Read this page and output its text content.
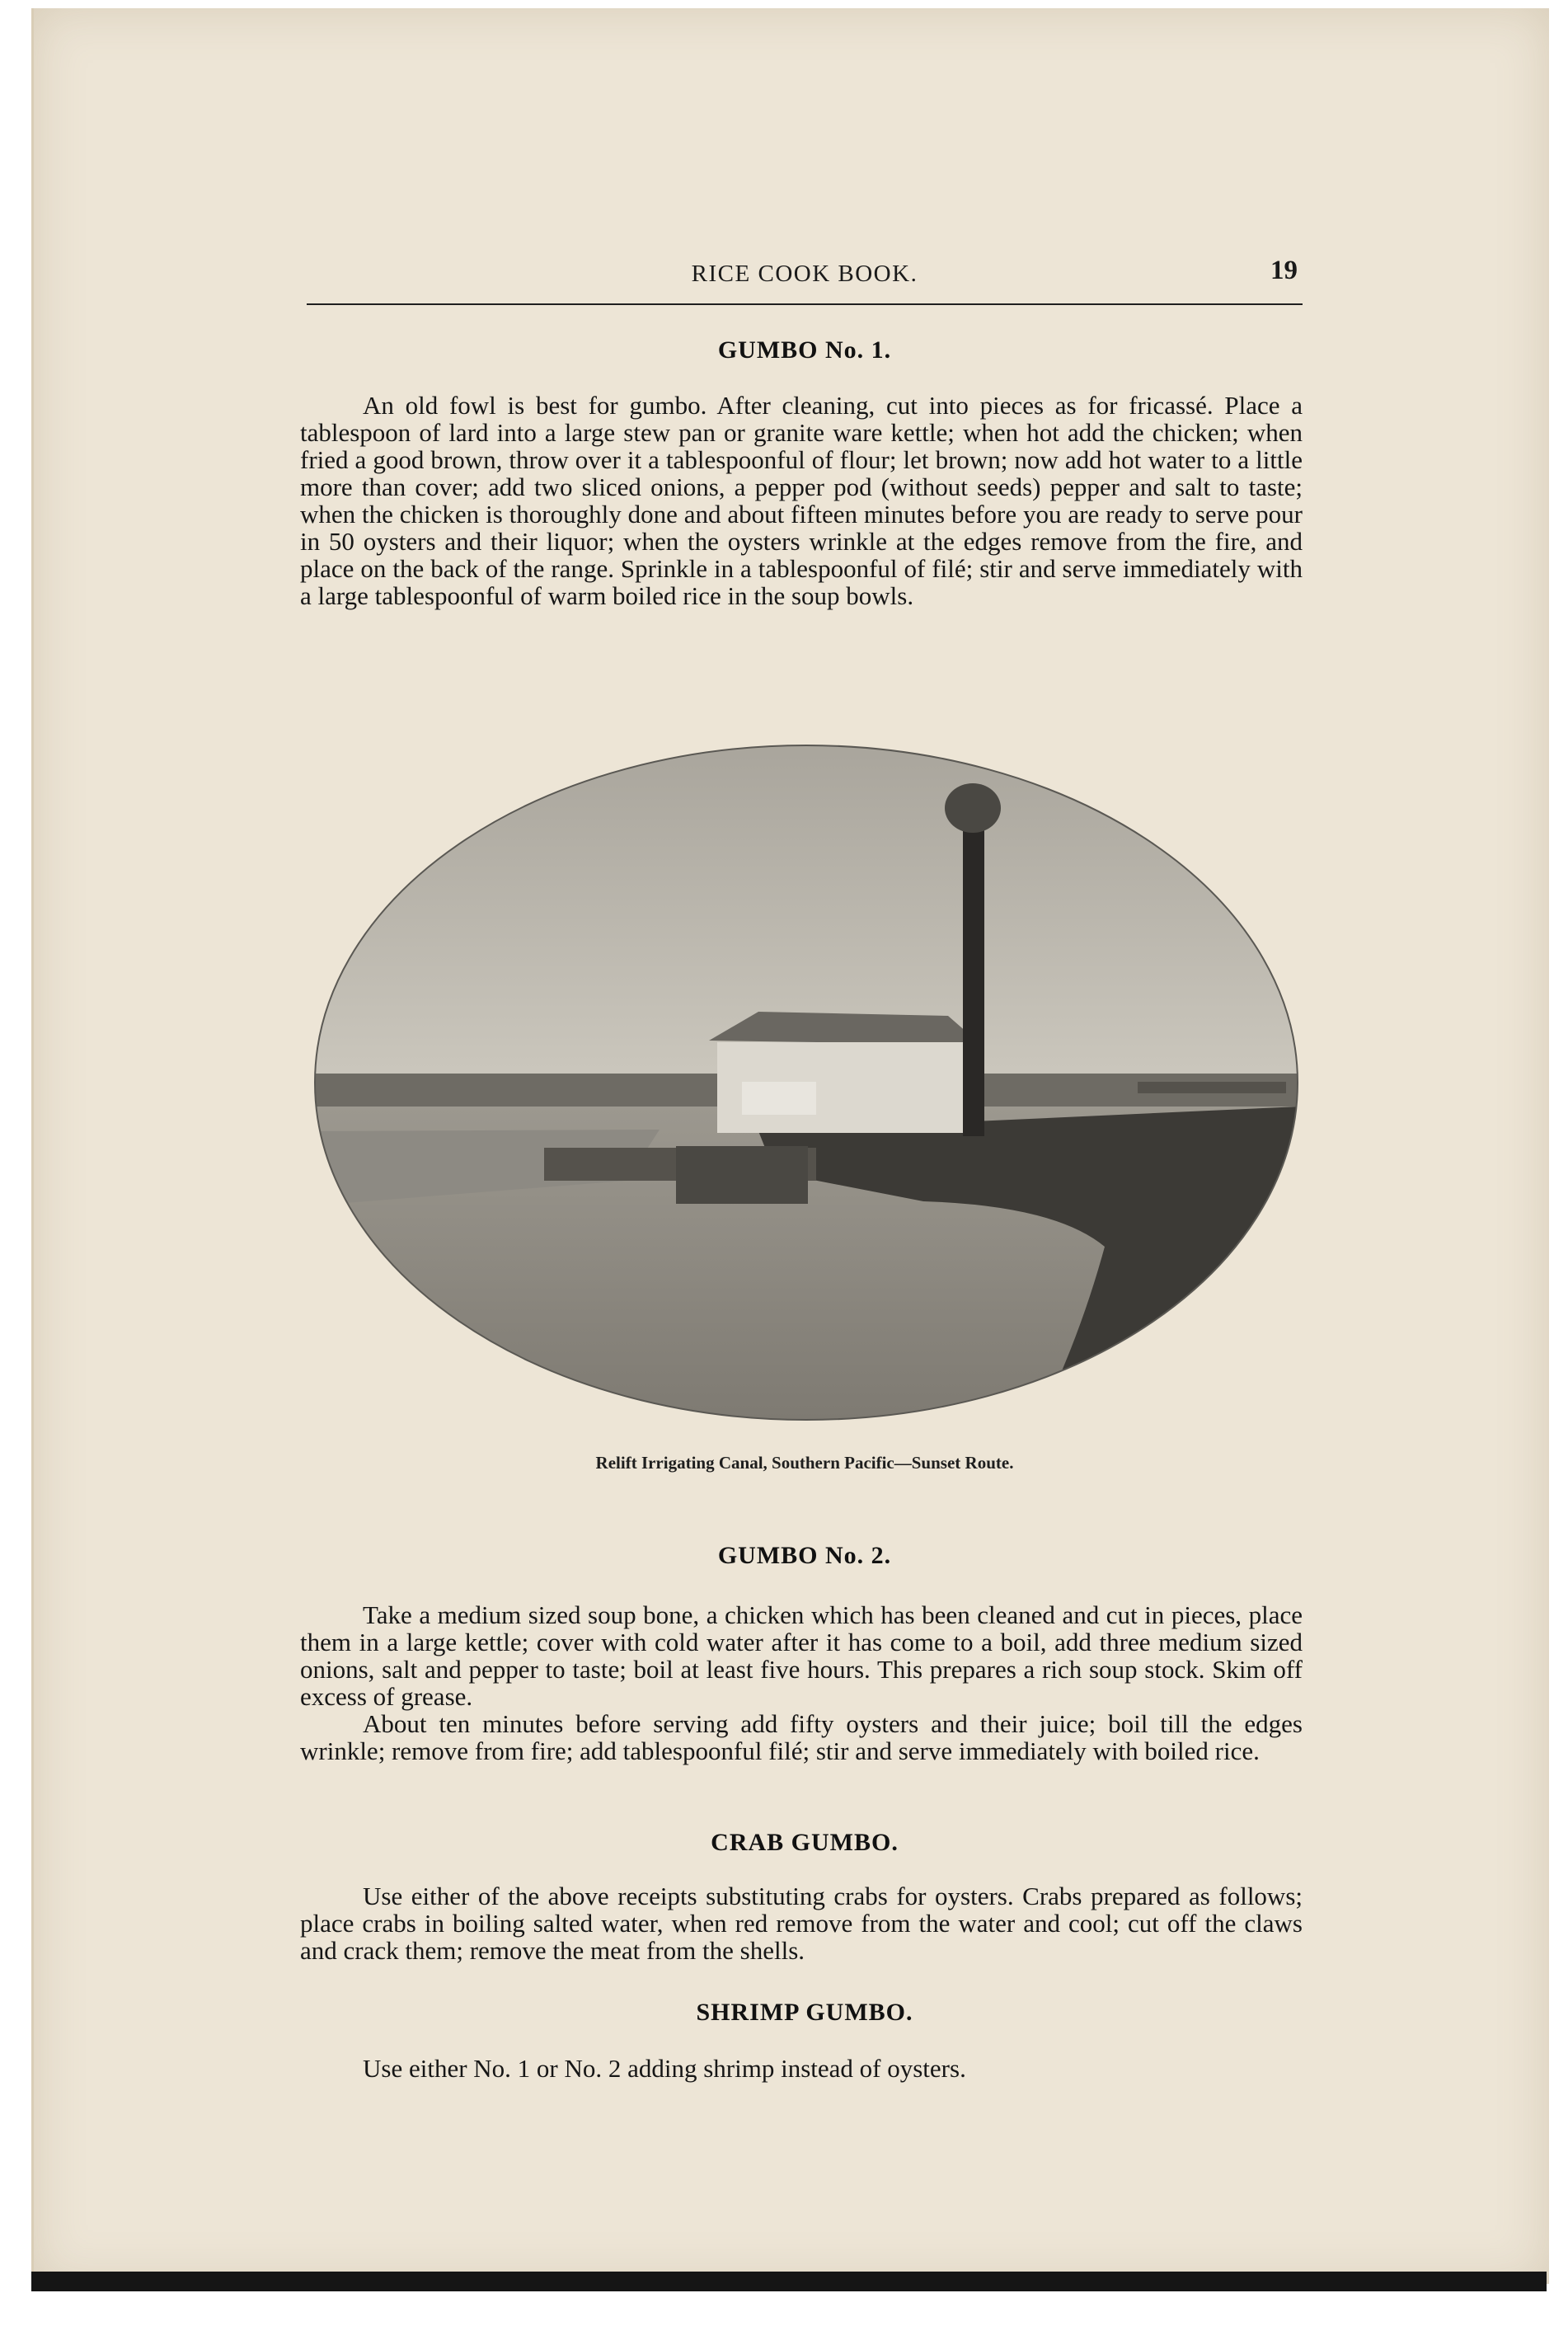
RICE COOK BOOK.	19
GUMBO No. 1.

An old fowl is best for gumbo. After cleaning, cut into pieces as for fricassé. Place a tablespoon of lard into a large stew pan or granite ware kettle; when hot add the chicken; when fried a good brown, throw over it a tablespoonful of flour; let brown; now add hot water to a little more than cover; add two sliced onions, a pepper pod (without seeds) pepper and salt to taste; when the chicken is thoroughly done and about fifteen minutes before you are ready to serve pour in 50 oysters and their liquor; when the oysters wrinkle at the edges remove from the fire, and place on the back of the range. Sprinkle in a tablespoonful of filé; stir and serve immediately with a large tablespoonful of warm boiled rice in the soup bowls.

Relift Irrigating Canal, Southern Pacific—Sunset Route.
GUMBO No. 2.

Take a medium sized soup bone, a chicken which has been cleaned and cut in pieces, place them in a large kettle; cover with cold water after it has come to a boil, add three medium sized onions, salt and pepper to taste; boil at least five hours. This prepares a rich soup stock. Skim off excess of grease.

About ten minutes before serving add fifty oysters and their juice; boil till the edges wrinkle; remove from fire; add tablespoonful filé; stir and serve immediately with boiled rice.

CRAB GUMBO.

Use either of the above receipts substituting crabs for oysters. Crabs prepared as follows; place crabs in boiling salted water, when red remove from the water and cool; cut off the claws and crack them; remove the meat from the shells.

SHRIMP GUMBO.

Use either No. 1 or No. 2 adding shrimp instead of oysters.
